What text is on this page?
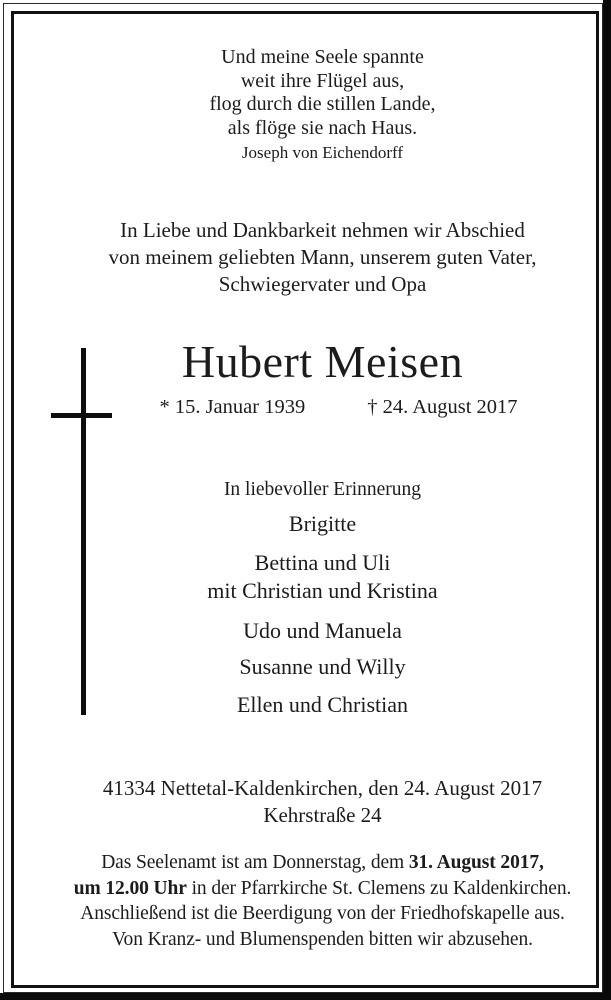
Und meine Seele spannte
weit ihre Flügel aus,
flog durch die stillen Lande,
als flöge sie nach Haus.
Joseph von Eichendorff
In Liebe und Dankbarkeit nehmen wir Abschied
von meinem geliebten Mann, unserem guten Vater,
Schwiegervater und Opa
Hubert Meisen
* 15. Januar 1939	† 24. August 2017
In liebevoller Erinnerung
Brigitte
Bettina und Uli
mit Christian und Kristina
Udo und Manuela
Susanne und Willy
Ellen und Christian
41334 Nettetal-Kaldenkirchen, den 24. August 2017
Kehrstraße 24
Das Seelenamt ist am Donnerstag, dem 31. August 2017,
um 12.00 Uhr in der Pfarrkirche St. Clemens zu Kaldenkirchen.
Anschließend ist die Beerdigung von der Friedhofskapelle aus.
Von Kranz- und Blumenspenden bitten wir abzusehen.
